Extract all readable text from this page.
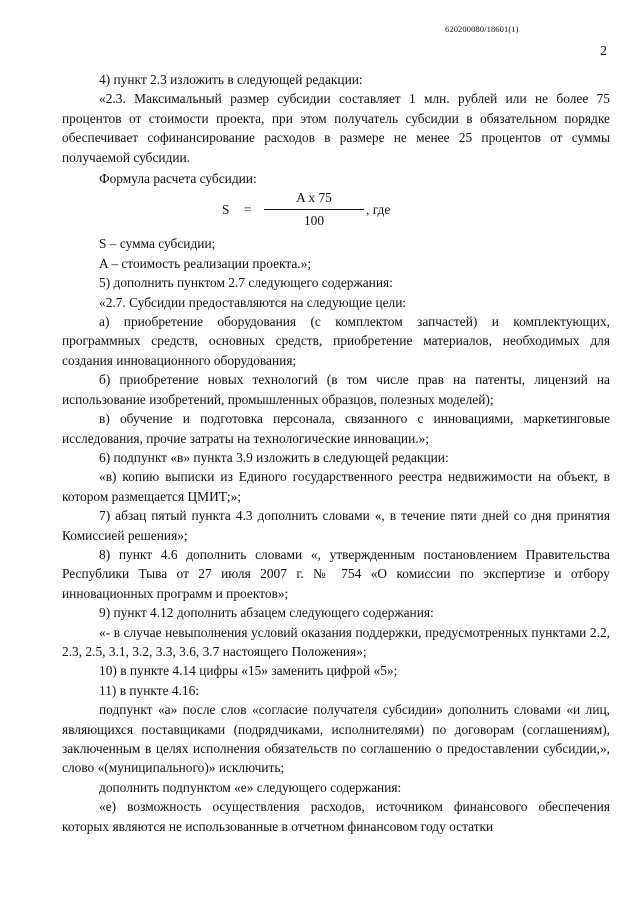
620200080/18601(1)
2

4) пункт 2.3 изложить в следующей редакции:

«2.3. Максимальный размер субсидии составляет 1 млн. рублей или не более 75 процентов от стоимости проекта, при этом получатель субсидии в обязательном порядке обеспечивает софинансирование расходов в размере не менее 25 процентов от суммы получаемой субсидии.

Формула расчета субсидии:

$S = \frac{\text{A x 75}}{100}$ , где

S – сумма субсидии;

A – стоимость реализации проекта.»;

5) дополнить пунктом 2.7 следующего содержания:

«2.7. Субсидии предоставляются на следующие цели:

а) приобретение оборудования (с комплектом запчастей) и комплектующих, программных средств, основных средств, приобретение материалов, необходимых для создания инновационного оборудования;

б) приобретение новых технологий (в том числе прав на патенты, лицензий на использование изобретений, промышленных образцов, полезных моделей);

в) обучение и подготовка персонала, связанного с инновациями, маркетинговые исследования, прочие затраты на технологические инновации.»;

6) подпункт «в» пункта 3.9 изложить в следующей редакции:

«в) копию выписки из Единого государственного реестра недвижимости на объект, в котором размещается ЦМИТ;»;

7) абзац пятый пункта 4.3 дополнить словами «, в течение пяти дней со дня принятия Комиссией решения»;

8) пункт 4.6 дополнить словами «, утвержденным постановлением Правительства Республики Тыва от 27 июля 2007 г. № 754 «О комиссии по экспертизе и отбору инновационных программ и проектов»;

9) пункт 4.12 дополнить абзацем следующего содержания:

«- в случае невыполнения условий оказания поддержки, предусмотренных пунктами 2.2, 2.3, 2.5, 3.1, 3.2, 3.3, 3.6, 3.7 настоящего Положения»;

10) в пункте 4.14 цифры «15» заменить цифрой «5»;

11) в пункте 4.16:

подпункт «а» после слов «согласие получателя субсидии» дополнить словами «и лиц, являющихся поставщиками (подрядчиками, исполнителями) по договорам (соглашениям), заключенным в целях исполнения обязательств по соглашению о предоставлении субсидии,», слово «(муниципального)» исключить;

дополнить подпунктом «е» следующего содержания:

«е) возможность осуществления расходов, источником финансового обеспечения которых являются не использованные в отчетном финансовом году остатки
